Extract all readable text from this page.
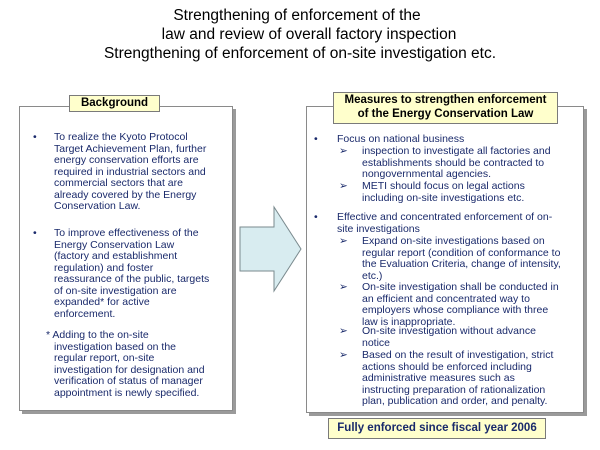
Strengthening of enforcement of the
law and review of overall factory inspection
Strengthening of enforcement of on-site investigation etc.
Background	Measures to strengthen enforcement
of the Energy Conservation Law
• To realize the Kyoto Protocol
Target Achievement Plan, further
energy conservation efforts are
required in industrial sectors and
commercial sectors that are
already covered by the Energy
Conservation Law.
• To improve effectiveness of the
Energy Conservation Law
(factory and establishment
regulation) and foster
reassurance of the public, targets
of on-site investigation are
expanded* for active
enforcement.
* Adding to the on-site
investigation based on the
regular report, on-site
investigation for designation and
verification of status of manager
appointment is newly specified.
• Focus on national business
➢ inspection to investigate all factories and
establishments should be contracted to
nongovernmental agencies.
➢ METI should focus on legal actions
including on-site investigations etc.
• Effective and concentrated enforcement of on-
site investigations
➢ Expand on-site investigations based on
regular report (condition of conformance to
the Evaluation Criteria, change of intensity,
etc.)
➢ On-site investigation shall be conducted in
an efficient and concentrated way to
employers whose compliance with three
law is inappropriate.
➢ On-site investigation without advance
notice
➢ Based on the result of investigation, strict
actions should be enforced including
administrative measures such as
instructing preparation of rationalization
plan, publication and order, and penalty.
Fully enforced since fiscal year 2006
